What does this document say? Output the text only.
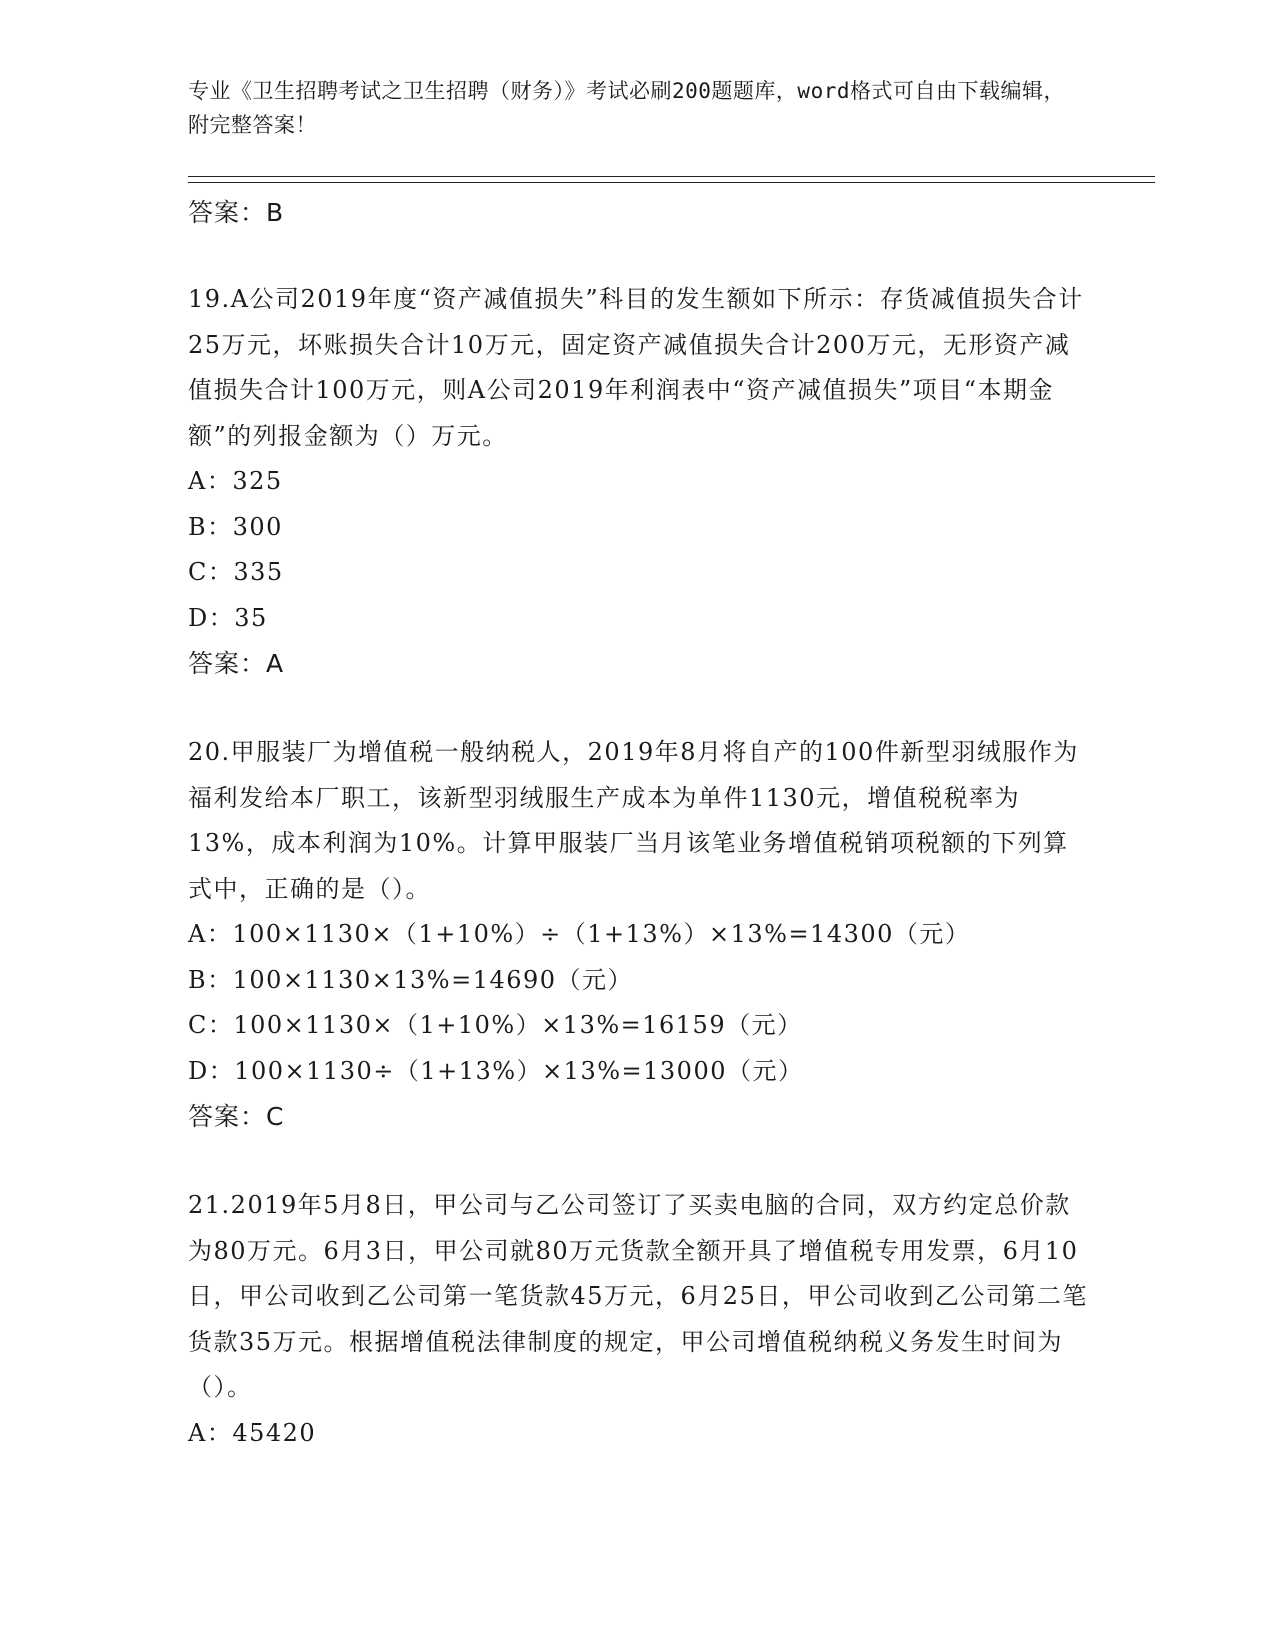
专业《卫生招聘考试之卫生招聘（财务）》考试必刷200题题库，word格式可自由下载编辑，附完整答案！

答案：B

19.A公司2019年度“资产减值损失”科目的发生额如下所示：存货减值损失合计25万元，坏账损失合计10万元，固定资产减值损失合计200万元，无形资产减值损失合计100万元，则A公司2019年利润表中“资产减值损失”项目“本期金额”的列报金额为（）万元。

A：325

B：300

C：335

D：35

答案：A

20.甲服装厂为增值税一般纳税人，2019年8月将自产的100件新型羽绒服作为福利发给本厂职工，该新型羽绒服生产成本为单件1130元，增值税税率为13%，成本利润为10%。计算甲服装厂当月该笔业务增值税销项税额的下列算式中，正确的是（）。

A：100×1130×（1+10%）÷（1+13%）×13%=14300（元）

B：100×1130×13%=14690（元）

C：100×1130×（1+10%）×13%=16159（元）

D：100×1130÷（1+13%）×13%=13000（元）

答案：C

21.2019年5月8日，甲公司与乙公司签订了买卖电脑的合同，双方约定总价款为80万元。6月3日，甲公司就80万元货款全额开具了增值税专用发票，6月10日，甲公司收到乙公司第一笔货款45万元，6月25日，甲公司收到乙公司第二笔货款35万元。根据增值税法律制度的规定，甲公司增值税纳税义务发生时间为（）。

A：45420
